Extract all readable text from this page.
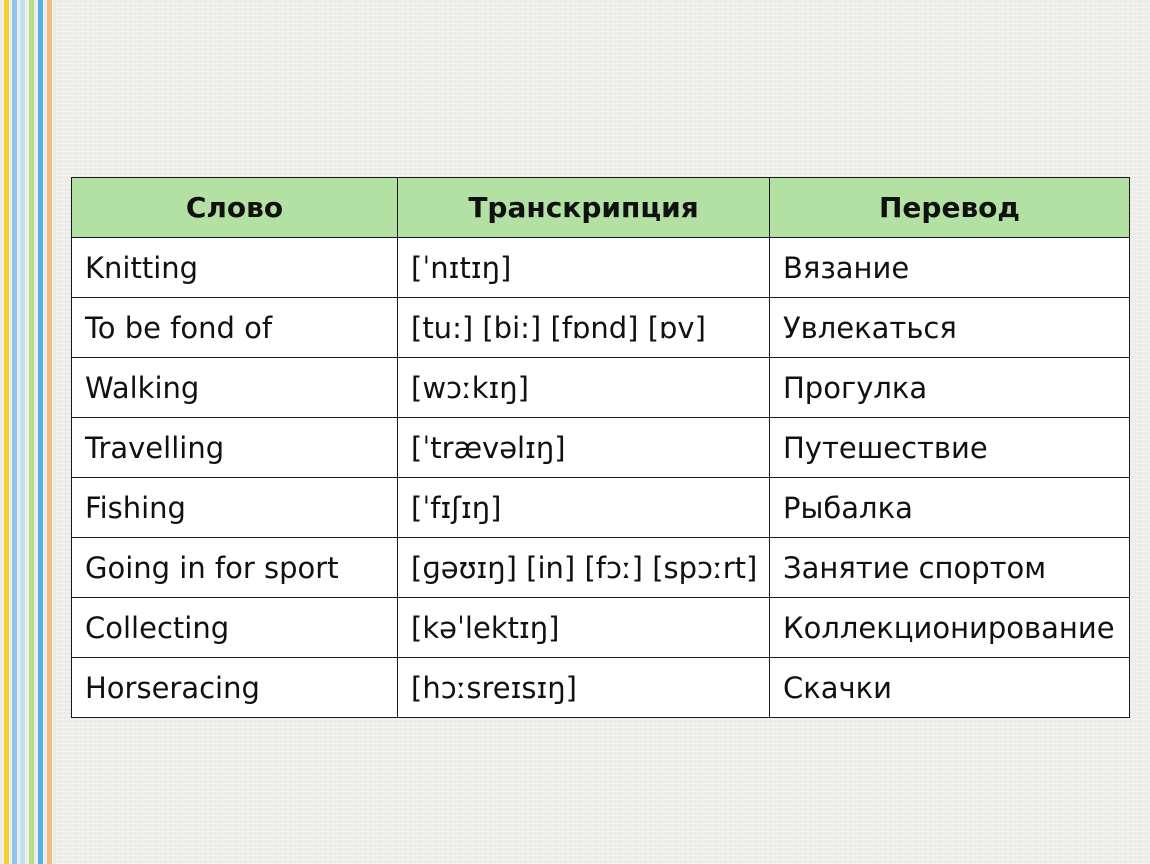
Слово	Транскрипция	Перевод
Knitting	[ˈnɪtɪŋ]	Вязание
To be fond of	[tu:] [bi:] [fɒnd] [ɒv]	Увлекаться
Walking	[wɔːkɪŋ]	Прогулка
Travelling	[ˈtrævəlɪŋ]	Путешествие
Fishing	[ˈfɪʃɪŋ]	Рыбалка
Going in for sport	[ɡəʊɪŋ] [in] [fɔː] [spɔːrt]	Занятие спортом
Collecting	[kəˈlektɪŋ]	Коллекционирование
Horseracing	[hɔːsreɪsɪŋ]	Скачки
